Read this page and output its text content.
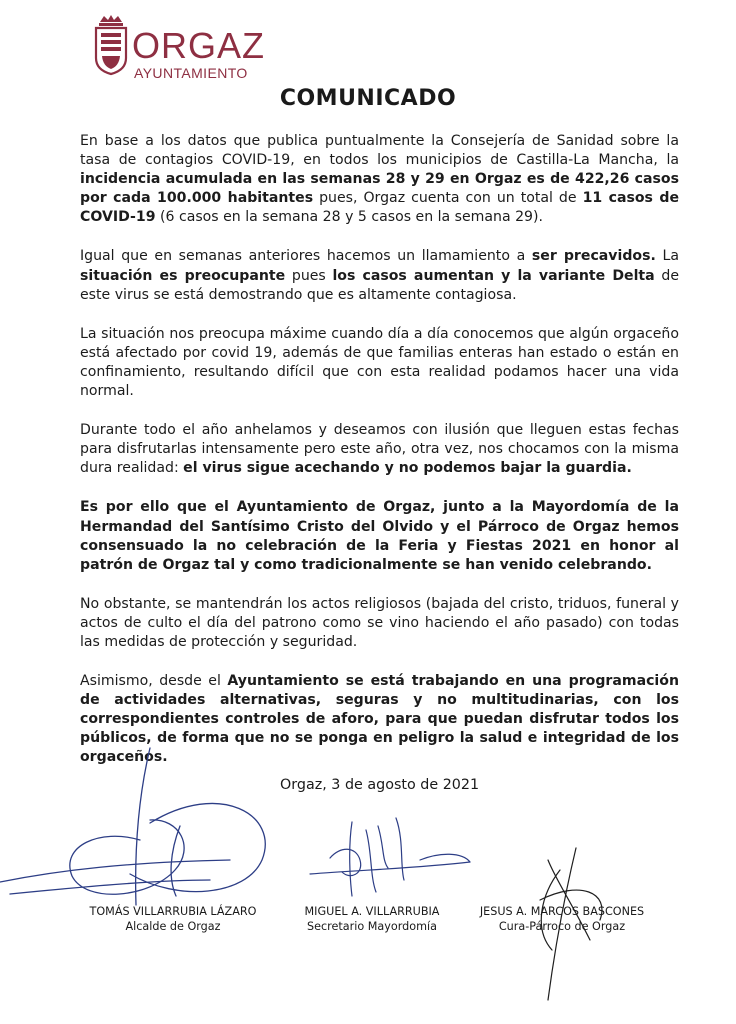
ORGAZ
AYUNTAMIENTO
COMUNICADO

En base a los datos que publica puntualmente la Consejería de Sanidad sobre la tasa de contagios COVID-19, en todos los municipios de Castilla-La Mancha, la incidencia acumulada en las semanas 28 y 29 en Orgaz es de 422,26 casos por cada 100.000 habitantes pues, Orgaz cuenta con un total de 11 casos de COVID-19 (6 casos en la semana 28 y 5 casos en la semana 29).

Igual que en semanas anteriores hacemos un llamamiento a ser precavidos. La situación es preocupante pues los casos aumentan y la variante Delta de este virus se está demostrando que es altamente contagiosa.

La situación nos preocupa máxime cuando día a día conocemos que algún orgaceño está afectado por covid 19, además de que familias enteras han estado o están en confinamiento, resultando difícil que con esta realidad podamos hacer una vida normal.

Durante todo el año anhelamos y deseamos con ilusión que lleguen estas fechas para disfrutarlas intensamente pero este año, otra vez, nos chocamos con la misma dura realidad: el virus sigue acechando y no podemos bajar la guardia.

Es por ello que el Ayuntamiento de Orgaz, junto a la Mayordomía de la Hermandad del Santísimo Cristo del Olvido y el Párroco de Orgaz hemos consensuado la no celebración de la Feria y Fiestas 2021 en honor al patrón de Orgaz tal y como tradicionalmente se han venido celebrando.

No obstante, se mantendrán los actos religiosos (bajada del cristo, triduos, funeral y actos de culto el día del patrono como se vino haciendo el año pasado) con todas las medidas de protección y seguridad.

Asimismo, desde el Ayuntamiento se está trabajando en una programación de actividades alternativas, seguras y no multitudinarias, con los correspondientes controles de aforo, para que puedan disfrutar todos los públicos, de forma que no se ponga en peligro la salud e integridad de los orgaceños.

Orgaz, 3 de agosto de 2021
TOMÁS VILLARRUBIA LÁZARO
Alcalde de Orgaz
MIGUEL A. VILLARRUBIA
Secretario Mayordomía
JESUS A. MARCOS BASCONES
Cura-Párroco de Orgaz
